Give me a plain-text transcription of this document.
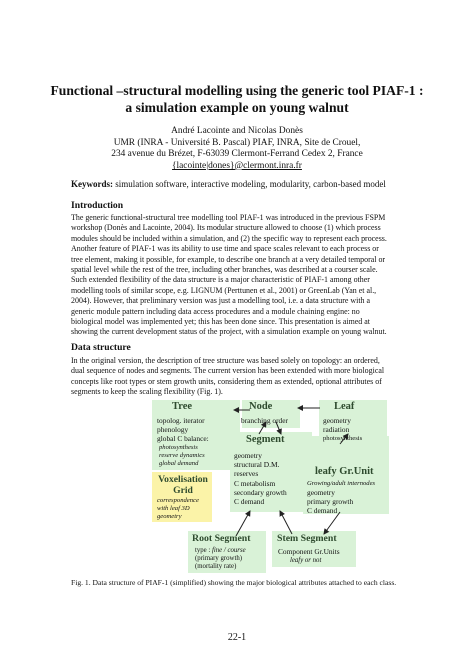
Functional –structural modelling using the generic tool PIAF-1 :
a simulation example on young walnut
André Lacointe and Nicolas Donès
UMR (INRA - Université B. Pascal) PIAF, INRA, Site de Crouel,
234 avenue du Brézet, F-63039 Clermont-Ferrand Cedex 2, France
{lacointe|dones}@clermont.inra.fr
Keywords: simulation software, interactive modeling, modularity, carbon-based model
Introduction
The generic functional-structural tree modelling tool PIAF-1 was introduced in the previous FSPM
workshop (Donès and Lacointe, 2004). Its modular structure allowed to choose (1) which process
modules should be included within a simulation, and (2) the specific way to represent each process.
Another feature of PIAF-1 was its ability to use time and space scales relevant to each process or
tree element, making it possible, for example, to describe one branch at a very detailed temporal or
spatial level while the rest of the tree, including other branches, was described at a courser scale.
Such extended flexibility of the data structure is a major characteristic of PIAF-1 among other
modelling tools of similar scope, e.g. LIGNUM (Perttunen et al., 2001) or GreenLab (Yan et al.,
2004). However, that preliminary version was just a modelling tool, i.e. a data structure with a
generic module pattern including data access procedures and a module chaining engine: no
biological model was implemented yet; this has been done since. This presentation is aimed at
showing the current development status of the project, with a simulation example on young walnut.
Data structure
In the original version, the description of tree structure was based solely on topology: an ordered,
dual sequence of nodes and segments. The current version has been extended with more biological
concepts like root types or stem growth units, considering them as extended, optional attributes of
segments to keep the scaling flexibility (Fig. 1).
Tree
topolog. iterator
phenology
global C balance:
photosynthesis
reserve dynamics
global demand
Node
branching order
Leaf
geometry
radiation
photosynthesis
Segment
geometry
structural D.M.
reserves
C metabolism
secondary growth
C demand
Voxelisation
Grid
correspondence
with leaf 3D
geometry
leafy Gr.Unit
Growing/adult internodes
geometry
primary growth
C demand
Root Segment
type : fine / course
(primary growth)
(mortality rate)
Stem Segment
Component Gr.Units
leafy or not
Fig. 1. Data structure of PIAF-1 (simplified) showing the major biological attributes attached to each class.
22-1
